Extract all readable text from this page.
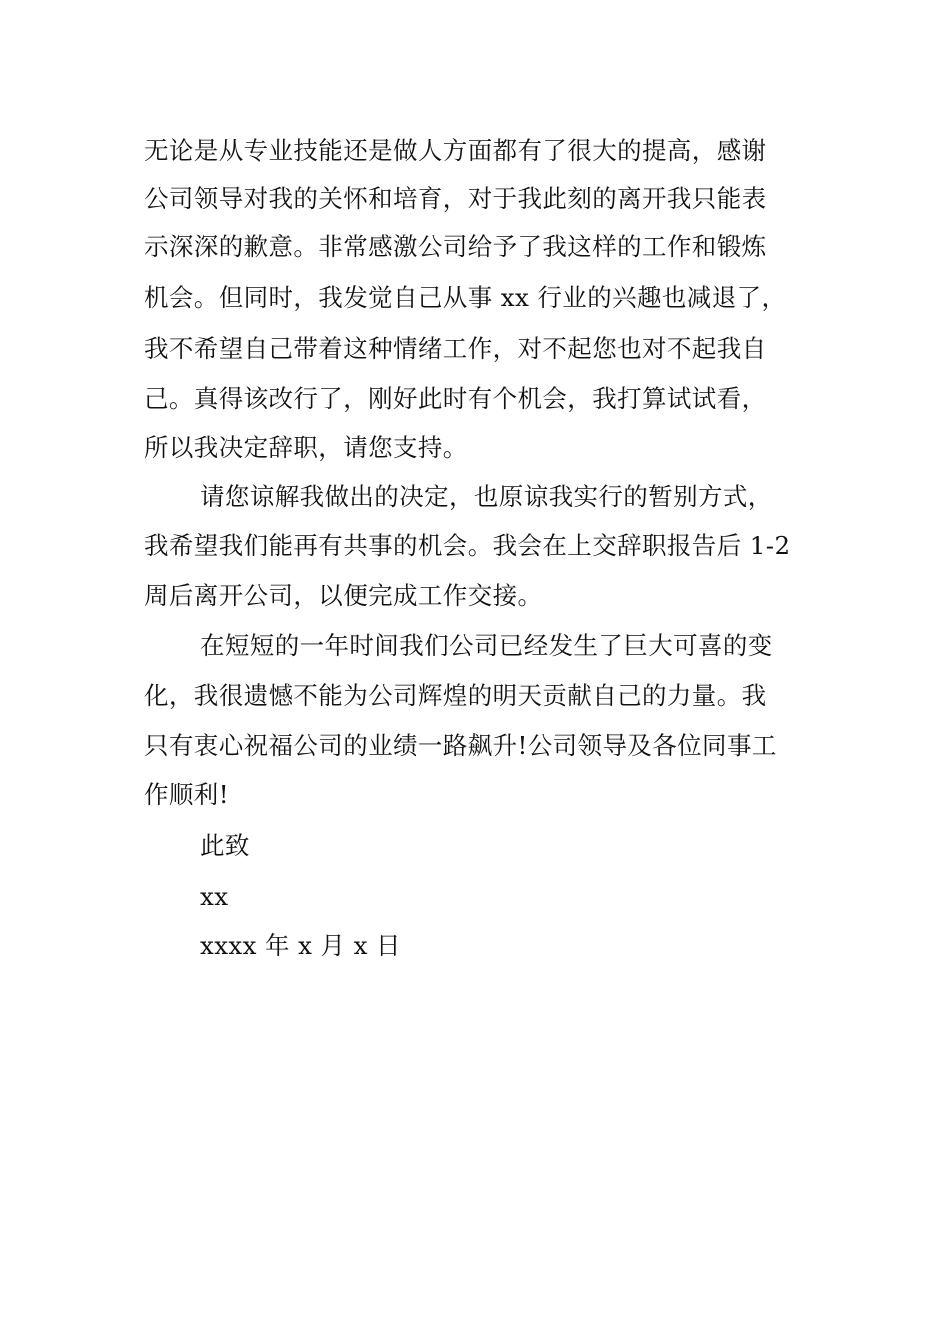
无论是从专业技能还是做人方面都有了很大的提高，感谢
公司领导对我的关怀和培育，对于我此刻的离开我只能表
示深深的歉意。非常感激公司给予了我这样的工作和锻炼
机会。但同时，我发觉自己从事 xx 行业的兴趣也减退了，
我不希望自己带着这种情绪工作，对不起您也对不起我自
己。真得该改行了，刚好此时有个机会，我打算试试看，
所以我决定辞职，请您支持。
请您谅解我做出的决定，也原谅我实行的暂别方式，
我希望我们能再有共事的机会。我会在上交辞职报告后 1-2
周后离开公司，以便完成工作交接。
在短短的一年时间我们公司已经发生了巨大可喜的变
化，我很遗憾不能为公司辉煌的明天贡献自己的力量。我
只有衷心祝福公司的业绩一路飙升!公司领导及各位同事工
作顺利!
此致
xx
xxxx 年 x 月 x 日
